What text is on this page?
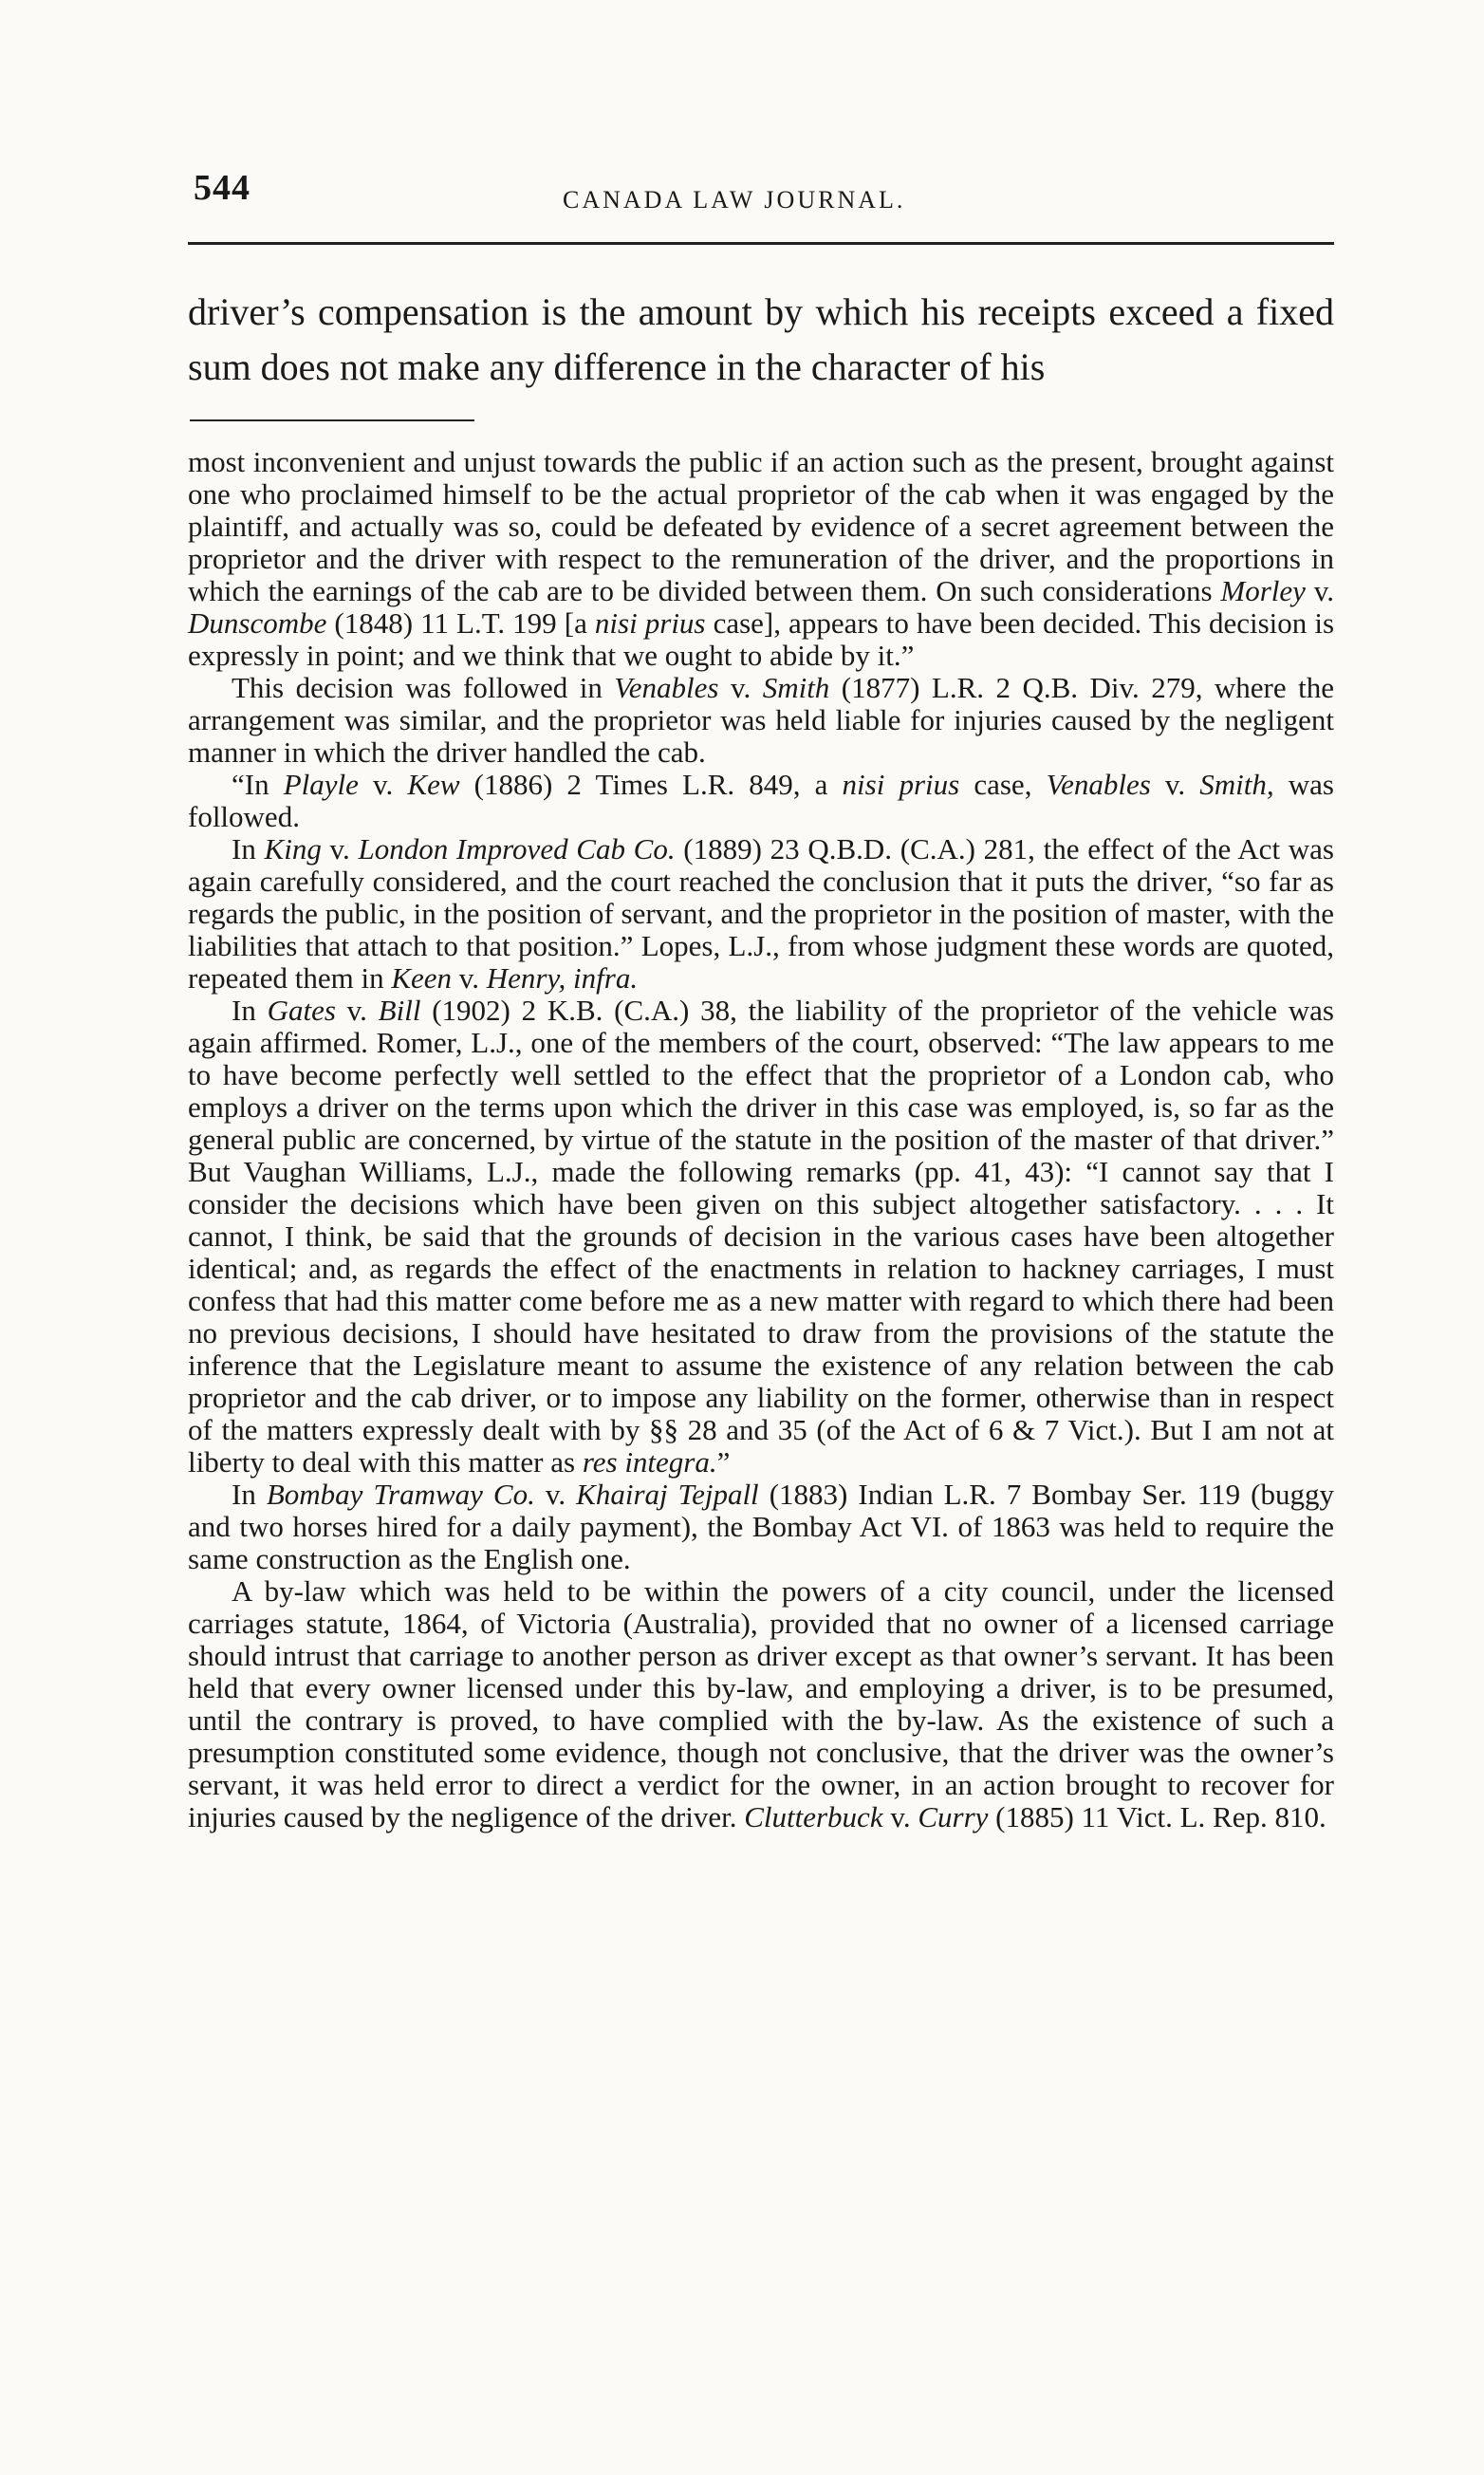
544	CANADA LAW JOURNAL.
driver’s compensation is the amount by which his receipts exceed a fixed sum does not make any difference in the character of his

most inconvenient and unjust towards the public if an action such as the present, brought against one who proclaimed himself to be the actual proprietor of the cab when it was engaged by the plaintiff, and actually was so, could be defeated by evidence of a secret agreement between the proprietor and the driver with respect to the remuneration of the driver, and the proportions in which the earnings of the cab are to be divided between them. On such considerations Morley v. Dunscombe (1848) 11 L.T. 199 [a nisi prius case], appears to have been decided. This decision is expressly in point; and we think that we ought to abide by it.”

This decision was followed in Venables v. Smith (1877) L.R. 2 Q.B. Div. 279, where the arrangement was similar, and the proprietor was held liable for injuries caused by the negligent manner in which the driver handled the cab.

“In Playle v. Kew (1886) 2 Times L.R. 849, a nisi prius case, Venables v. Smith, was followed.

In King v. London Improved Cab Co. (1889) 23 Q.B.D. (C.A.) 281, the effect of the Act was again carefully considered, and the court reached the conclusion that it puts the driver, “so far as regards the public, in the position of servant, and the proprietor in the position of master, with the liabilities that attach to that position.” Lopes, L.J., from whose judgment these words are quoted, repeated them in Keen v. Henry, infra.

In Gates v. Bill (1902) 2 K.B. (C.A.) 38, the liability of the proprietor of the vehicle was again affirmed. Romer, L.J., one of the members of the court, observed: “The law appears to me to have become perfectly well settled to the effect that the proprietor of a London cab, who employs a driver on the terms upon which the driver in this case was employed, is, so far as the general public are concerned, by virtue of the statute in the position of the master of that driver.” But Vaughan Williams, L.J., made the following remarks (pp. 41, 43): “I cannot say that I consider the decisions which have been given on this subject altogether satisfactory. . . . It cannot, I think, be said that the grounds of decision in the various cases have been altogether identical; and, as regards the effect of the enactments in relation to hackney carriages, I must confess that had this matter come before me as a new matter with regard to which there had been no previous decisions, I should have hesitated to draw from the provisions of the statute the inference that the Legislature meant to assume the existence of any relation between the cab proprietor and the cab driver, or to impose any liability on the former, otherwise than in respect of the matters expressly dealt with by §§ 28 and 35 (of the Act of 6 & 7 Vict.). But I am not at liberty to deal with this matter as res integra.”

In Bombay Tramway Co. v. Khairaj Tejpall (1883) Indian L.R. 7 Bombay Ser. 119 (buggy and two horses hired for a daily payment), the Bombay Act VI. of 1863 was held to require the same construction as the English one.

A by-law which was held to be within the powers of a city council, under the licensed carriages statute, 1864, of Victoria (Australia), provided that no owner of a licensed carriage should intrust that carriage to another person as driver except as that owner’s servant. It has been held that every owner licensed under this by-law, and employing a driver, is to be presumed, until the contrary is proved, to have complied with the by-law. As the existence of such a presumption constituted some evidence, though not conclusive, that the driver was the owner’s servant, it was held error to direct a verdict for the owner, in an action brought to recover for injuries caused by the negligence of the driver. Clutterbuck v. Curry (1885) 11 Vict. L. Rep. 810.
